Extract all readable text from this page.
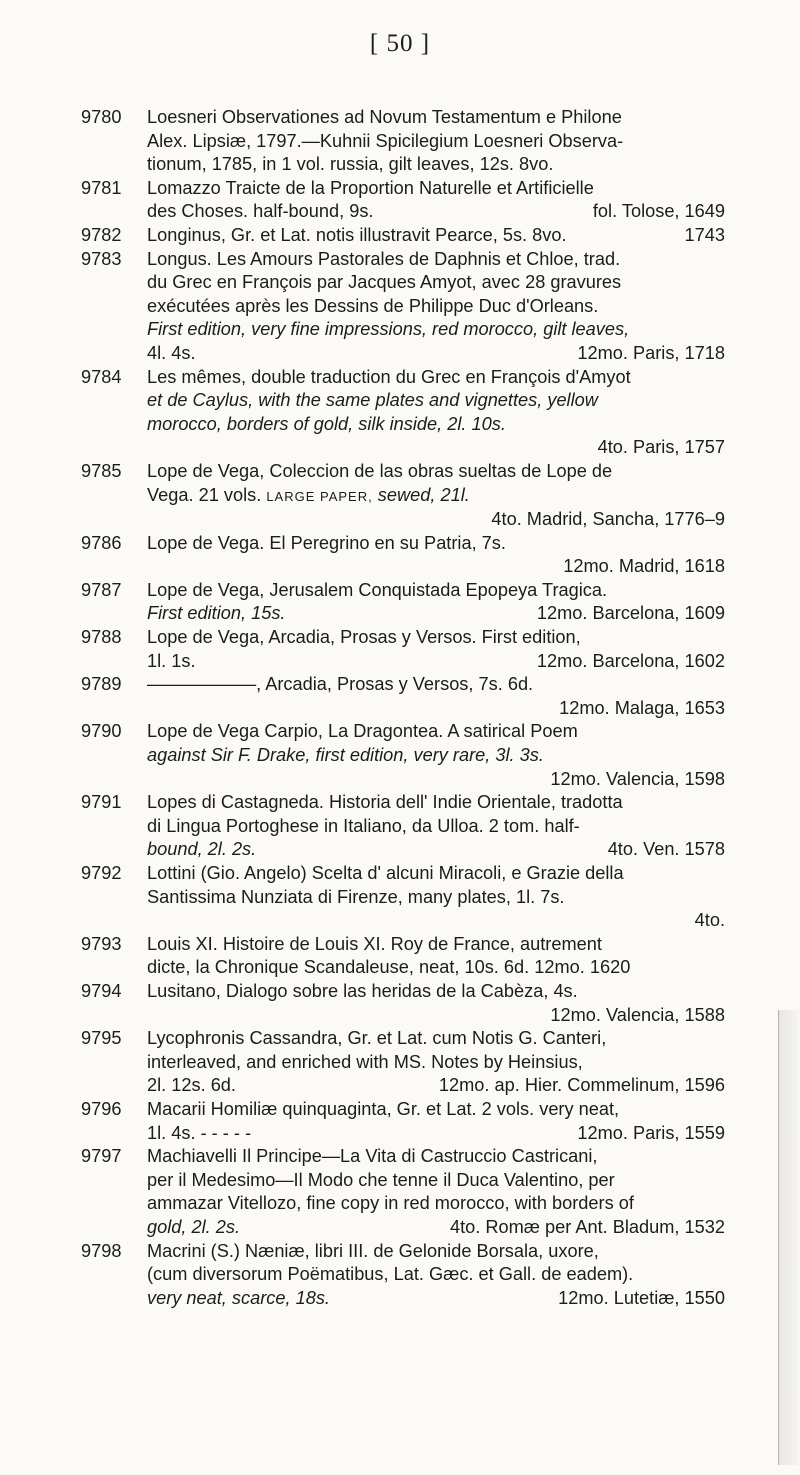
[ 50 ]
9780	Loesneri Observationes ad Novum Testamentum e Philone
Alex. Lipsiæ, 1797.—Kuhnii Spicilegium Loesneri Observa-
tionum, 1785, in 1 vol. russia, gilt leaves, 12s. 8vo.
9781	Lomazzo Traicte de la Proportion Naturelle et Artificielle
des Choses. half-bound, 9s.	fol. Tolose, 1649
9782	Longinus, Gr. et Lat. notis illustravit Pearce, 5s. 8vo.	1743
9783	Longus. Les Amours Pastorales de Daphnis et Chloe, trad.
du Grec en François par Jacques Amyot, avec 28 gravures
exécutées après les Dessins de Philippe Duc d'Orleans.
First edition, very fine impressions, red morocco, gilt leaves,
4l. 4s.	12mo. Paris, 1718
9784	Les mêmes, double traduction du Grec en François d'Amyot
et de Caylus, with the same plates and vignettes, yellow
morocco, borders of gold, silk inside, 2l. 10s.
4to. Paris, 1757
9785	Lope de Vega, Coleccion de las obras sueltas de Lope de
Vega. 21 vols. LARGE PAPER, sewed, 21l.
4to. Madrid, Sancha, 1776–9
9786	Lope de Vega. El Peregrino en su Patria, 7s.
12mo. Madrid, 1618
9787	Lope de Vega, Jerusalem Conquistada Epopeya Tragica.
First edition, 15s.	12mo. Barcelona, 1609
9788	Lope de Vega, Arcadia, Prosas y Versos. First edition,
1l. 1s.	12mo. Barcelona, 1602
9789	——————, Arcadia, Prosas y Versos, 7s. 6d.
12mo. Malaga, 1653
9790	Lope de Vega Carpio, La Dragontea. A satirical Poem
against Sir F. Drake, first edition, very rare, 3l. 3s.
12mo. Valencia, 1598
9791	Lopes di Castagneda. Historia dell' Indie Orientale, tradotta
di Lingua Portoghese in Italiano, da Ulloa. 2 tom. half-
bound, 2l. 2s.	4to. Ven. 1578
9792	Lottini (Gio. Angelo) Scelta d' alcuni Miracoli, e Grazie della
Santissima Nunziata di Firenze, many plates, 1l. 7s.
4to.
9793	Louis XI. Histoire de Louis XI. Roy de France, autrement
dicte, la Chronique Scandaleuse, neat, 10s. 6d. 12mo. 1620
9794	Lusitano, Dialogo sobre las heridas de la Cabèza, 4s.
12mo. Valencia, 1588
9795	Lycophronis Cassandra, Gr. et Lat. cum Notis G. Canteri,
interleaved, and enriched with MS. Notes by Heinsius,
2l. 12s. 6d.	12mo. ap. Hier. Commelinum, 1596
9796	Macarii Homiliæ quinquaginta, Gr. et Lat. 2 vols. very neat,
1l. 4s. - - - - -	12mo. Paris, 1559
9797	Machiavelli Il Principe—La Vita di Castruccio Castricani,
per il Medesimo—Il Modo che tenne il Duca Valentino, per
ammazar Vitellozo, fine copy in red morocco, with borders of
gold, 2l. 2s.	4to. Romæ per Ant. Bladum, 1532
9798	Macrini (S.) Næniæ, libri III. de Gelonide Borsala, uxore,
(cum diversorum Poëmatibus, Lat. Gæc. et Gall. de eadem).
very neat, scarce, 18s.	12mo. Lutetiæ, 1550
